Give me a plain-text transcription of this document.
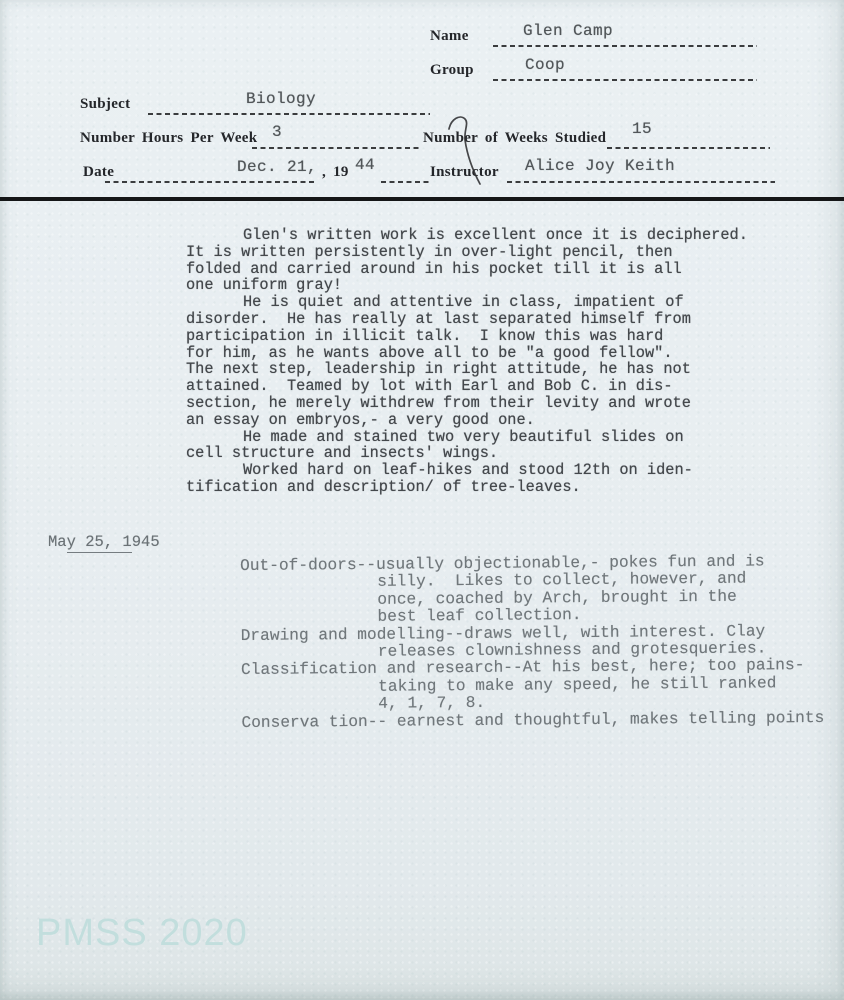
Name	Glen Camp
Group	Coop
Subject	Biology
Number Hours Per Week 3	Number of Weeks Studied 15
Date	Dec. 21, , 19 44	Instructor Alice Joy Keith
Glen's written work is excellent once it is deciphered.
It is written persistently in over-light pencil, then
folded and carried around in his pocket till it is all
one uniform gray!
He is quiet and attentive in class, impatient of
disorder.  He has really at last separated himself from
participation in illicit talk.  I know this was hard
for him, as he wants above all to be "a good fellow".
The next step, leadership in right attitude, he has not
attained.  Teamed by lot with Earl and Bob C. in dis-
section, he merely withdrew from their levity and wrote
an essay on embryos,- a very good one.
He made and stained two very beautiful slides on
cell structure and insects' wings.
Worked hard on leaf-hikes and stood 12th on iden-
tification and description/ of tree-leaves.
May 25, 1945
Out-of-doors--usually objectionable,- pokes fun and is
silly.  Likes to collect, however, and
once, coached by Arch, brought in the
best leaf collection.
Drawing and modelling--draws well, with interest. Clay
releases clownishness and grotesqueries.
Classification and research--At his best, here; too pains-
taking to make any speed, he still ranked
4, 1, 7, 8.
Conserva tion-- earnest and thoughtful, makes telling points
PMSS 2020
